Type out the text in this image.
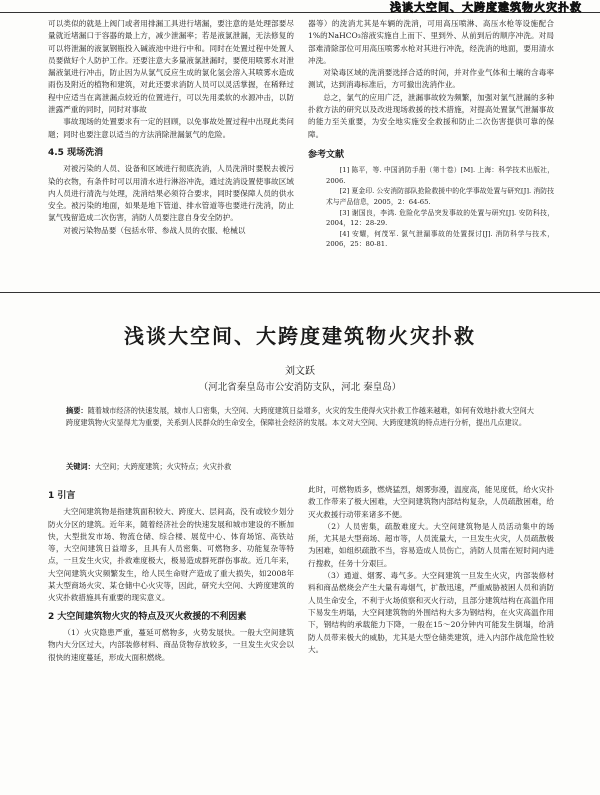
浅谈大空间、大跨度建筑物火灾扑救

可以类似的就是上阀门或者用排漏工具进行堵漏，要注意的是处理部要尽量就近堵漏口于容器的最上方，减少泄漏率；若是液氯泄漏，无法修复的可以将泄漏的液氯钢瓶投入碱液池中进行中和。同时在处置过程中处置人员要做好个人防护工作。还要注意大多量液氯泄漏时，要使用喷雾水对泄漏液氯进行冲击，防止因为从氯气反应生成的氯化氢会溶入其喷雾水造成雨伤及附近的植物和建筑，对此还要求消防人员可以灵活掌握，在稀释过程中应适当在离泄漏点较近的位置进行，可以先用柔软的水源冲击，以防泄露严重的同时，同时对事故

事故现场的处置要求有一定的回顾，以免事故处置过程中出现此类问题；同时也要注意以适当的方法消除泄漏氯气的危险。

4.5 现场洗消

对被污染的人员、设备和区域进行彻底洗消，人员洗消时要脱去被污染的衣物，有条件时可以用清水进行淋浴冲洗，通过洗消设置使事故区域内人员进行清洗与处理，洗消结果必须符合要求，同时要保障人员的供水安全。被污染的地面，如果是地下管道、排水管道等也要进行洗消，防止氯气残留造成二次伤害，消防人员要注意自身安全防护。

对被污染物品要（包括水带、参战人员的衣服、枪械以

器等）的洗消尤其是车辆的洗消，可用高压喷淋、高压水枪等设施配合1%的NaHCO₃溶液实施自上而下、里到外、从前到后的顺序冲洗。对局部难清除部位可用高压喷雾水枪对其进行冲洗，经洗消的地面，要用清水冲洗。

对染毒区域的洗消要选择合适的时间，并对作业气体和土壤的含毒率测试，达到消毒标准后，方可撤出洗消作业。

总之，氯气的应用广泛，泄漏事故较为频繁，加强对氯气泄漏的多种扑救方法的研究以及改进现场救援的技术措施，对提高处置氯气泄漏事故的能力至关重要，为安全地实施安全救援和防止二次伤害提供可靠的保障。

参考文献

[1] 陈平，等. 中国消防手册（第十卷）[M]. 上海：科学技术出版社，2006.

[2] 夏金印. 公安消防部队抢险救援中的化学事故处置与研究[J]. 消防技术与产品信息，2005，2：64-65.

[3] 谢国良，李鸿. 危险化学品突发事故的处置与研究[J]. 安防科技，2004，12：28-29.

[4] 安耀，何茂军. 氯气泄漏事故的处置探讨[J]. 消防科学与技术，2006，25：80-81.

浅谈大空间、大跨度建筑物火灾扑救
刘文跃
（河北省秦皇岛市公安消防支队，河北 秦皇岛）
摘要：随着城市经济的快速发展，城市人口密集，大空间、大跨度建筑日益增多，火灾的发生使得火灾扑救工作越来越难，如何有效地扑救大空间大跨度建筑物火灾显得尤为重要，关系到人民群众的生命安全，保障社会经济的发展。本文对大空间、大跨度建筑的特点进行分析，提出几点建议。
关键词：大空间；大跨度建筑；火灾特点；火灾扑救
1 引言

大空间建筑物是指建筑面积较大、跨度大、层间高，没有或较少划分防火分区的建筑。近年来，随着经济社会的快速发展和城市建设的不断加快，大型批发市场、物流仓储、综合楼、展览中心、体育场馆、高铁站等，大空间建筑日益增多，且具有人员密集、可燃物多、功能复杂等特点，一旦发生火灾，扑救难度极大，极易造成群死群伤事故。近几年来，大空间建筑火灾频繁发生，给人民生命财产造成了重大损失，如2008年某大型商场火灾、某仓储中心火灾等，因此，研究大空间、大跨度建筑的火灾扑救措施具有重要的现实意义。

2 大空间建筑物火灾的特点及灭火救援的不利因素

（1）火灾隐患严重，蔓延可燃物多，火势发展快。一般大空间建筑物内大分区过大，内部装修材料、商品货物存放较多，一旦发生火灾会以很快的速度蔓延，形成大面积燃烧。

此时，可燃物质多，燃烧猛烈，烟雾弥漫，温度高，能见度低，给火灾扑救工作带来了极大困难，大空间建筑物内部结构复杂，人员疏散困难，给灭火救援行动带来诸多不便。

（2）人员密集，疏散难度大。大空间建筑物是人员活动集中的场所，尤其是大型商场、超市等，人员流量大，一旦发生火灾，人员疏散极为困难，如组织疏散不当，容易造成人员伤亡，消防人员需在短时间内进行搜救，任务十分艰巨。

（3）通道、烟雾、毒气多。大空间建筑一旦发生火灾，内部装修材料和商品燃烧会产生大量有毒烟气，扩散迅速，严重威胁被困人员和消防人员生命安全，不利于火场侦察和灭火行动，且部分建筑结构在高温作用下易发生坍塌，大空间建筑物的外围结构大多为钢结构，在火灾高温作用下，钢结构的承载能力下降，一般在15～20分钟内可能发生倒塌，给消防人员带来极大的威胁，尤其是大型仓储类建筑，进入内部作战危险性较大。
